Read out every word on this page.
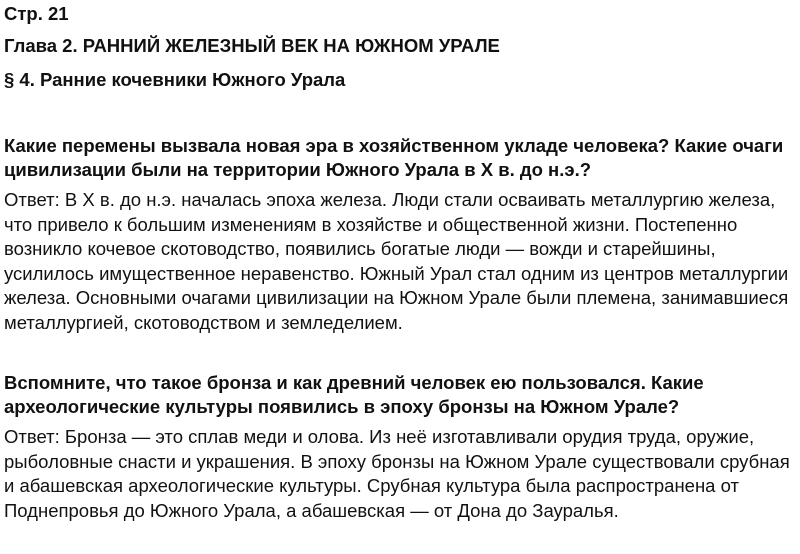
Стр. 21

Глава 2. РАННИЙ ЖЕЛЕЗНЫЙ ВЕК НА ЮЖНОМ УРАЛЕ

§ 4. Ранние кочевники Южного Урала

Какие перемены вызвала новая эра в хозяйственном укладе человека? Какие очаги цивилизации были на территории Южного Урала в X в. до н.э.?

Ответ: В X в. до н.э. началась эпоха железа. Люди стали осваивать металлургию железа, что привело к большим изменениям в хозяйстве и общественной жизни. Постепенно возникло кочевое скотоводство, появились богатые люди — вожди и старейшины, усилилось имущественное неравенство. Южный Урал стал одним из центров металлургии железа. Основными очагами цивилизации на Южном Урале были племена, занимавшиеся металлургией, скотоводством и земледелием.

Вспомните, что такое бронза и как древний человек ею пользовался. Какие археологические культуры появились в эпоху бронзы на Южном Урале?

Ответ: Бронза — это сплав меди и олова. Из неё изготавливали орудия труда, оружие, рыболовные снасти и украшения. В эпоху бронзы на Южном Урале существовали срубная и абашевская археологические культуры. Срубная культура была распространена от Поднепровья до Южного Урала, а абашевская — от Дона до Зауралья.
